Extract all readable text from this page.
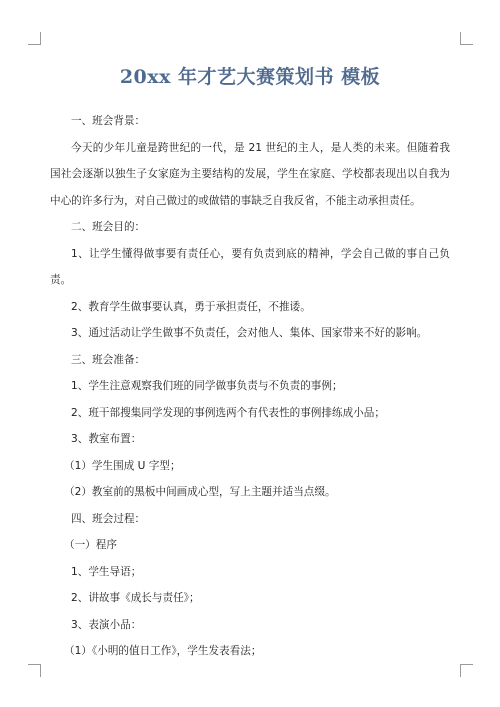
20xx 年才艺大赛策划书 模板

一、班会背景：

今天的少年儿童是跨世纪的一代，是 21 世纪的主人，是人类的未来。但随着我国社会逐渐以独生子女家庭为主要结构的发展，学生在家庭、学校都表现出以自我为中心的许多行为，对自己做过的或做错的事缺乏自我反省，不能主动承担责任。

二、班会目的：

1、让学生懂得做事要有责任心，要有负责到底的精神，学会自己做的事自己负责。

2、教育学生做事要认真，勇于承担责任，不推诿。

3、通过活动让学生做事不负责任，会对他人、集体、国家带来不好的影响。

三、班会准备：

1、学生注意观察我们班的同学做事负责与不负责的事例；

2、班干部搜集同学发现的事例选两个有代表性的事例排练成小品；

3、教室布置：

（1）学生围成 U 字型；

（2）教室前的黑板中间画成心型，写上主题并适当点缀。

四、班会过程：

（一）程序

1、学生导语；

2、讲故事《成长与责任》；

3、表演小品：

（1）《小明的值日工作》，学生发表看法；
